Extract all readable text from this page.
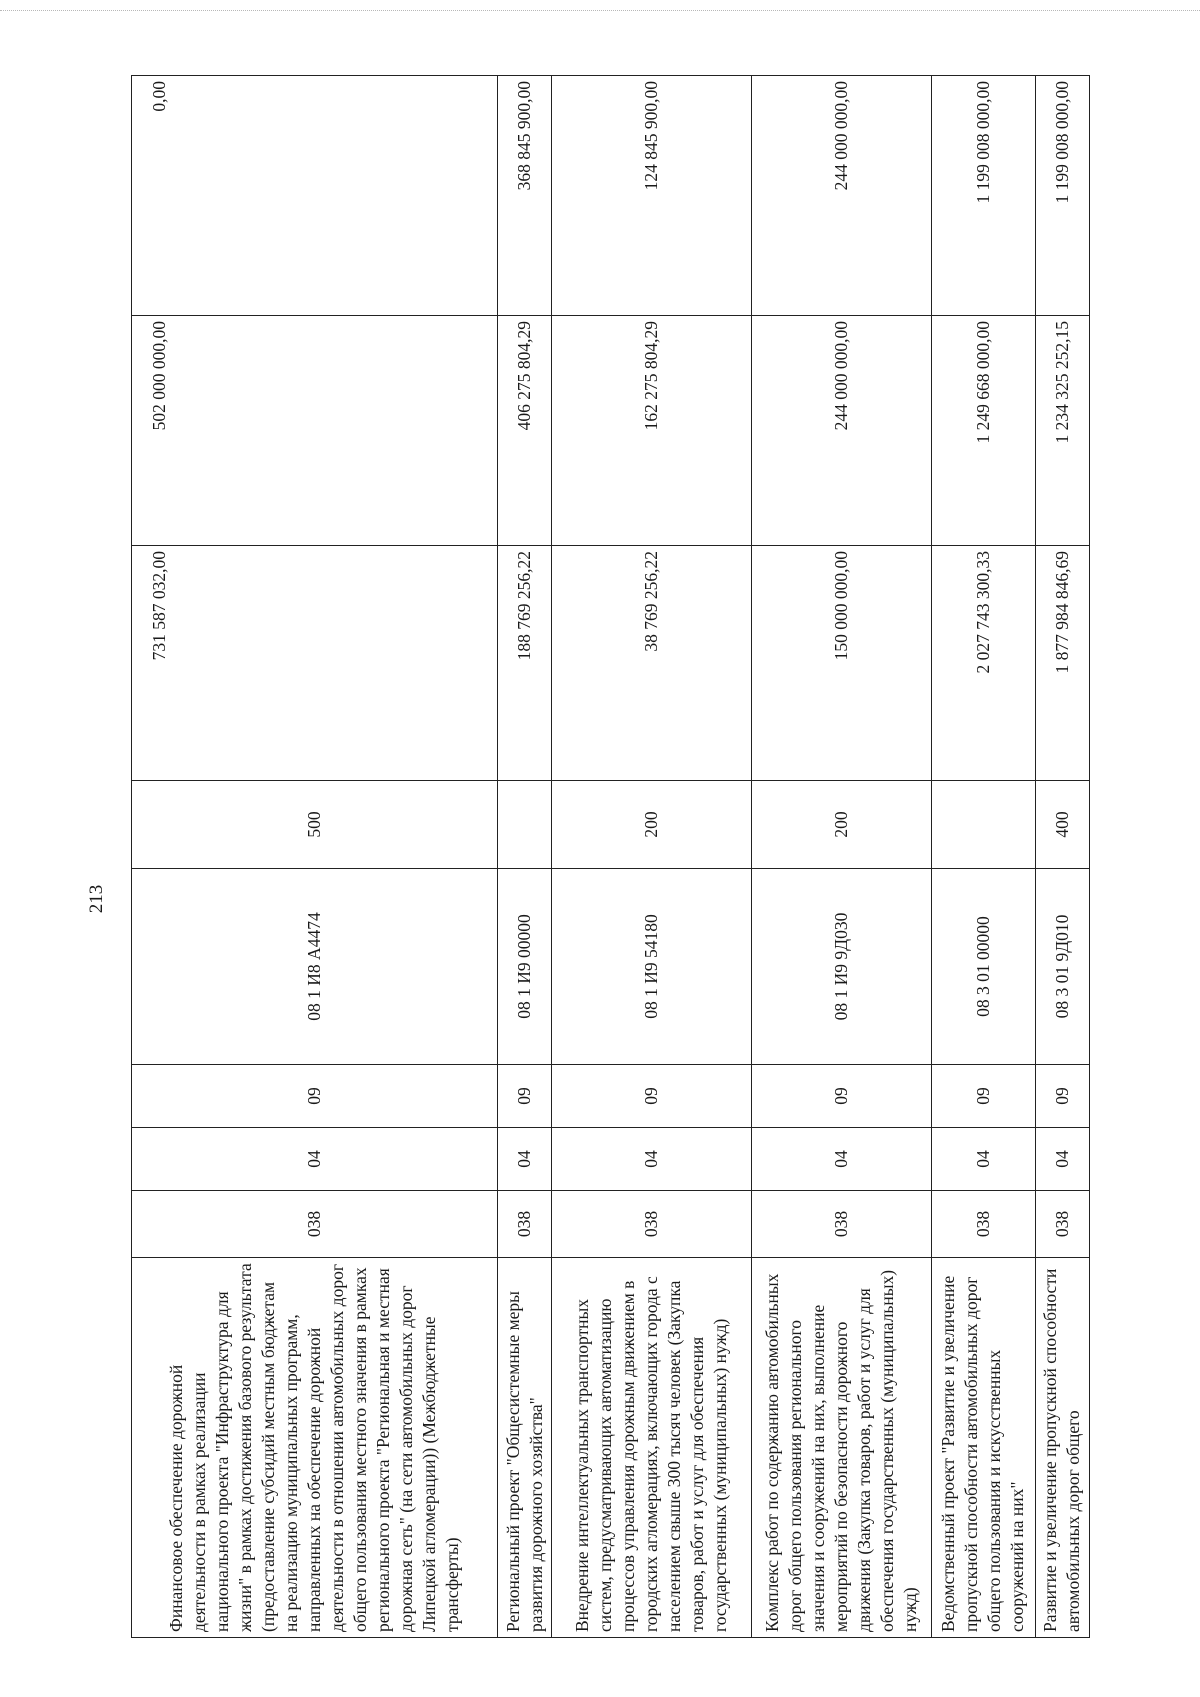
213
Финансовое обеспечение дорожной деятельности в рамках реализации национального проекта "Инфраструктура для жизни" в рамках достижения базового результата (предоставление субсидий местным бюджетам на реализацию муниципальных программ, направленных на обеспечение дорожной деятельности в отношении автомобильных дорог общего пользования местного значения в рамках регионального проекта "Региональная и местная дорожная сеть" (на сети автомобильных дорог Липецкой агломерации)) (Межбюджетные трансферты)	038	04	09	08 1 И8 А4474	500	731 587 032,00	502 000 000,00	0,00
Региональный проект "Общесистемные меры развития дорожного хозяйства"	038	04	09	08 1 И9 00000		188 769 256,22	406 275 804,29	368 845 900,00
Внедрение интеллектуальных транспортных систем, предусматривающих автоматизацию процессов управления дорожным движением в городских агломерациях, включающих города с населением свыше 300 тысяч человек (Закупка товаров, работ и услуг для обеспечения государственных (муниципальных) нужд)	038	04	09	08 1 И9 54180	200	38 769 256,22	162 275 804,29	124 845 900,00
Комплекс работ по содержанию автомобильных дорог общего пользования регионального значения и сооружений на них, выполнение мероприятий по безопасности дорожного движения (Закупка товаров, работ и услуг для обеспечения государственных (муниципальных) нужд)	038	04	09	08 1 И9 9Д030	200	150 000 000,00	244 000 000,00	244 000 000,00
Ведомственный проект "Развитие и увеличение пропускной способности автомобильных дорог общего пользования и искусственных сооружений на них"	038	04	09	08 3 01 00000		2 027 743 300,33	1 249 668 000,00	1 199 008 000,00
Развитие и увеличение пропускной способности автомобильных дорог общего	038	04	09	08 3 01 9Д010	400	1 877 984 846,69	1 234 325 252,15	1 199 008 000,00
